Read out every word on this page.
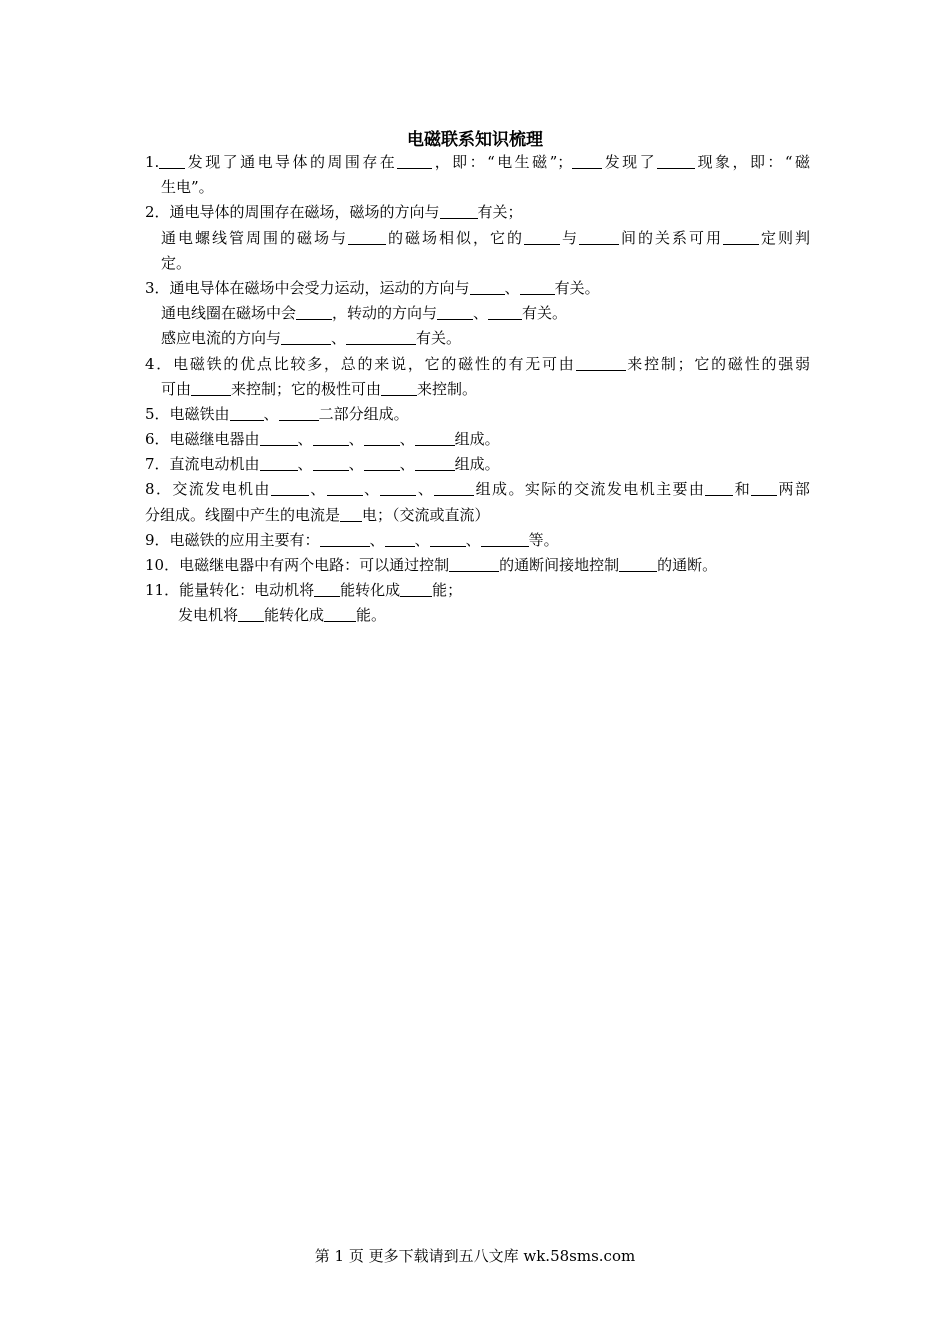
电磁联系知识梳理
1. 发现了通电导体的周围存在 ，即：“电生磁”； 发现了	现象，即：“磁
生电”。
2．通电导体的周围存在磁场，磁场的方向与	有关；
通电螺线管周围的磁场与	的磁场相似，它的 与	间的关系可用 定则判
定。
3．通电导体在磁场中会受力运动，运动的方向与 、 有关。
通电线圈在磁场中会 ，转动的方向与 、 有关。
感应电流的方向与	、	有关。
4．电磁铁的优点比较多，总的来说，它的磁性的有无可由	来控制；它的磁性的强弱
可由	来控制；它的极性可由 来控制。
5．电磁铁由 、	二部分组成。
6．电磁继电器由	、 、 、	组成。
7．直流电动机由	、 、 、	组成。
8．交流发电机由	、 、 、	组成。实际的交流发电机主要由 和 两部
分组成。线圈中产生的电流是 电；（交流或直流）
9．电磁铁的应用主要有：	、 、 、	等。
10．电磁继电器中有两个电路：可以通过控制	的通断间接地控制	的通断。
11．能量转化：电动机将 能转化成 能；
发电机将 能转化成 能。
第 1 页 更多下载请到五八文库 wk.58sms.com
